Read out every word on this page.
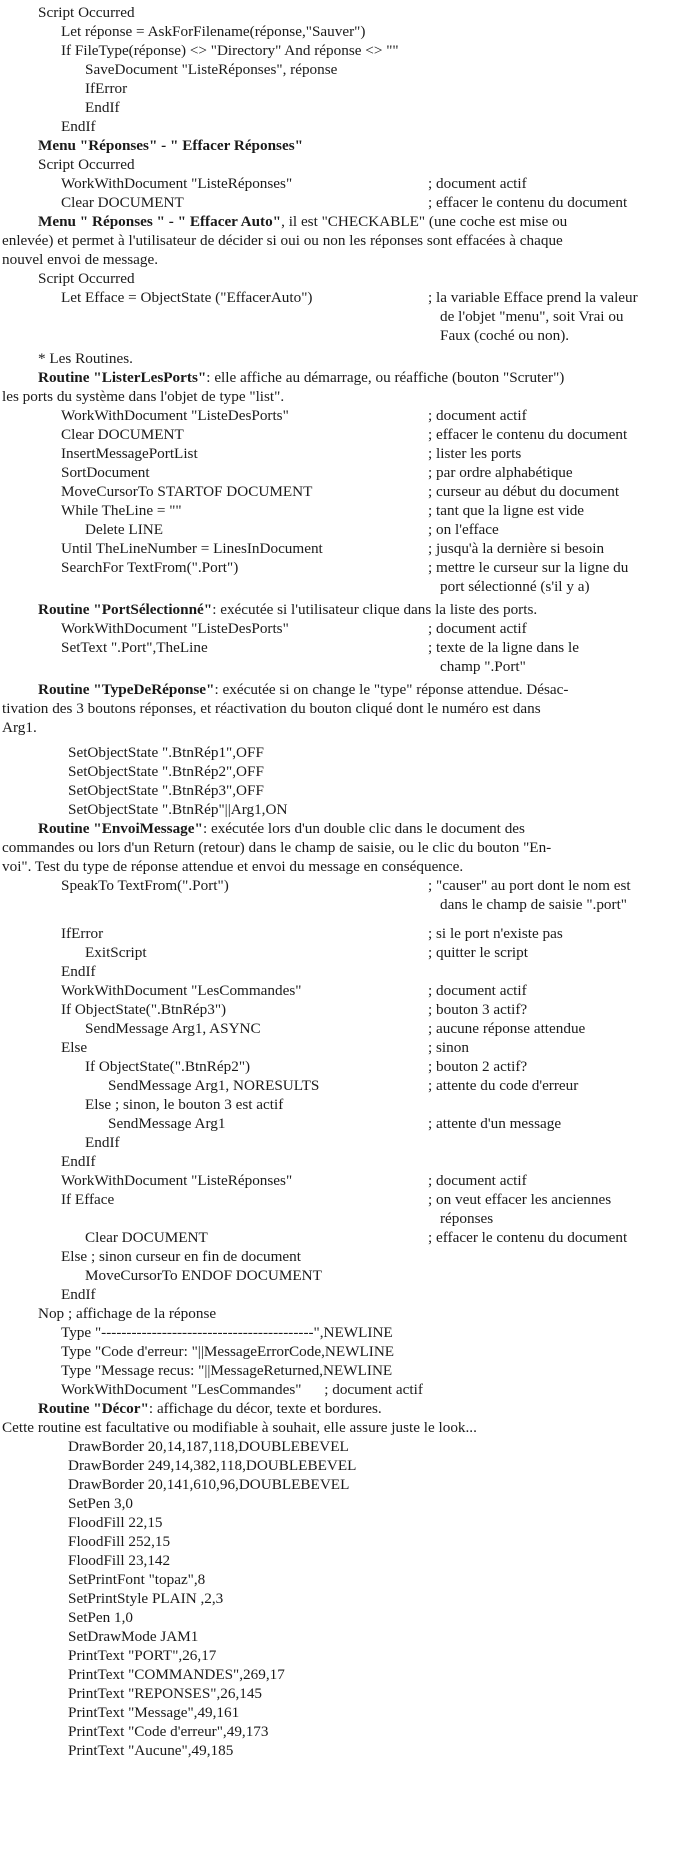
Script Occurred
Let réponse = AskForFilename(réponse,"Sauver")
If FileType(réponse) <> "Directory" And réponse <> ""
SaveDocument "ListeRéponses", réponse
IfError
EndIf
EndIf
Menu "Réponses" - " Effacer Réponses"
Script Occurred
WorkWithDocument "ListeRéponses"	; document actif
Clear DOCUMENT	; effacer le contenu du document
Menu " Réponses " - " Effacer Auto", il est "CHECKABLE" (une coche est mise ou
enlevée) et permet à l'utilisateur de décider si oui ou non les réponses sont effacées à chaque
nouvel envoi de message.
Script Occurred
Let Efface = ObjectState ("EffacerAuto")	; la variable Efface prend la valeur
de l'objet "menu", soit Vrai ou
Faux (coché ou non).
* Les Routines.
Routine "ListerLesPorts": elle affiche au démarrage, ou réaffiche (bouton "Scruter")
les ports du système dans l'objet de type "list".
WorkWithDocument "ListeDesPorts"	; document actif
Clear DOCUMENT	; effacer le contenu du document
InsertMessagePortList	; lister les ports
SortDocument	; par ordre alphabétique
MoveCursorTo STARTOF DOCUMENT	; curseur au début du document
While TheLine = ""	; tant que la ligne est vide
Delete LINE	; on l'efface
Until TheLineNumber = LinesInDocument	; jusqu'à la dernière si besoin
SearchFor TextFrom(".Port")	; mettre le curseur sur la ligne du
port sélectionné (s'il y a)
Routine "PortSélectionné": exécutée si l'utilisateur clique dans la liste des ports.
WorkWithDocument "ListeDesPorts"	; document actif
SetText ".Port",TheLine	; texte de la ligne dans le
champ ".Port"
Routine "TypeDeRéponse": exécutée si on change le "type" réponse attendue. Désac-
tivation des 3 boutons réponses, et réactivation du bouton cliqué dont le numéro est dans
Arg1.
SetObjectState ".BtnRép1",OFF
SetObjectState ".BtnRép2",OFF
SetObjectState ".BtnRép3",OFF
SetObjectState ".BtnRép"||Arg1,ON
Routine "EnvoiMessage": exécutée lors d'un double clic dans le document des
commandes ou lors d'un Return (retour) dans le champ de saisie, ou le clic du bouton "En-
voi". Test du type de réponse attendue et envoi du message en conséquence.
SpeakTo TextFrom(".Port")	; "causer" au port dont le nom est
dans le champ de saisie ".port"
IfError	; si le port n'existe pas
ExitScript	; quitter le script
EndIf
WorkWithDocument "LesCommandes"	; document actif
If ObjectState(".BtnRép3")	; bouton 3 actif?
SendMessage Arg1, ASYNC	; aucune réponse attendue
Else	; sinon
If ObjectState(".BtnRép2")	; bouton 2 actif?
SendMessage Arg1, NORESULTS	; attente du code d'erreur
Else ; sinon, le bouton 3 est actif
SendMessage Arg1	; attente d'un message
EndIf
EndIf
WorkWithDocument "ListeRéponses"	; document actif
If Efface	; on veut effacer les anciennes
réponses
Clear DOCUMENT	; effacer le contenu du document
Else ; sinon curseur en fin de document
MoveCursorTo ENDOF DOCUMENT
EndIf
Nop ; affichage de la réponse
Type "------------------------------------------",NEWLINE
Type "Code d'erreur: "||MessageErrorCode,NEWLINE
Type "Message recus: "||MessageReturned,NEWLINE
WorkWithDocument "LesCommandes"      ; document actif
Routine "Décor": affichage du décor, texte et bordures.
Cette routine est facultative ou modifiable à souhait, elle assure juste le look...
DrawBorder 20,14,187,118,DOUBLEBEVEL
DrawBorder 249,14,382,118,DOUBLEBEVEL
DrawBorder 20,141,610,96,DOUBLEBEVEL
SetPen 3,0
FloodFill 22,15
FloodFill 252,15
FloodFill 23,142
SetPrintFont "topaz",8
SetPrintStyle PLAIN ,2,3
SetPen 1,0
SetDrawMode JAM1
PrintText "PORT",26,17
PrintText "COMMANDES",269,17
PrintText "REPONSES",26,145
PrintText "Message",49,161
PrintText "Code d'erreur",49,173
PrintText "Aucune",49,185
